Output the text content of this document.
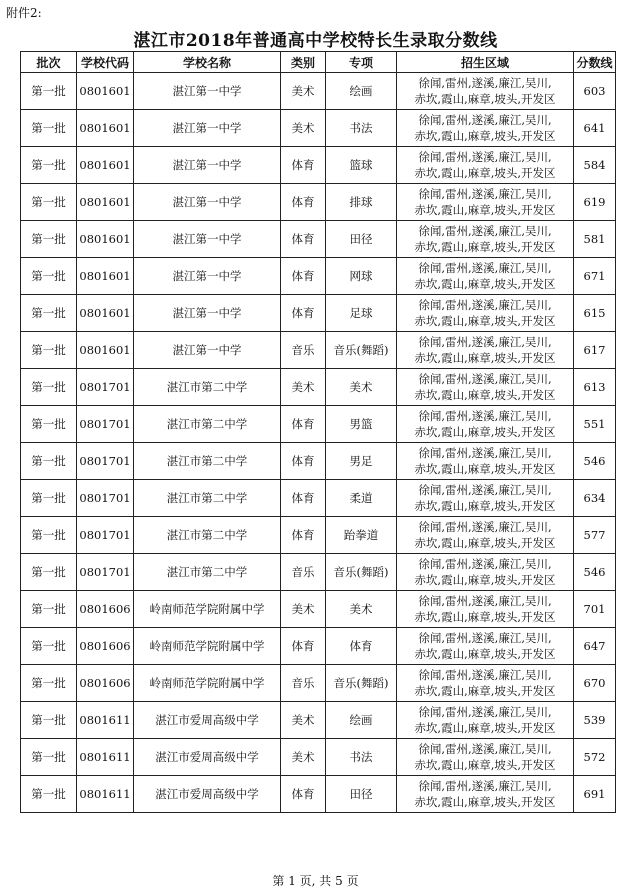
附件2:
湛江市2018年普通高中学校特长生录取分数线
批次	学校代码	学校名称	类别	专项	招生区域	分数线
第一批	0801601	湛江第一中学	美术	绘画	徐闻,雷州,遂溪,廉江,吴川,
赤坎,霞山,麻章,坡头,开发区	603
第一批	0801601	湛江第一中学	美术	书法	徐闻,雷州,遂溪,廉江,吴川,
赤坎,霞山,麻章,坡头,开发区	641
第一批	0801601	湛江第一中学	体育	篮球	徐闻,雷州,遂溪,廉江,吴川,
赤坎,霞山,麻章,坡头,开发区	584
第一批	0801601	湛江第一中学	体育	排球	徐闻,雷州,遂溪,廉江,吴川,
赤坎,霞山,麻章,坡头,开发区	619
第一批	0801601	湛江第一中学	体育	田径	徐闻,雷州,遂溪,廉江,吴川,
赤坎,霞山,麻章,坡头,开发区	581
第一批	0801601	湛江第一中学	体育	网球	徐闻,雷州,遂溪,廉江,吴川,
赤坎,霞山,麻章,坡头,开发区	671
第一批	0801601	湛江第一中学	体育	足球	徐闻,雷州,遂溪,廉江,吴川,
赤坎,霞山,麻章,坡头,开发区	615
第一批	0801601	湛江第一中学	音乐	音乐(舞蹈)	徐闻,雷州,遂溪,廉江,吴川,
赤坎,霞山,麻章,坡头,开发区	617
第一批	0801701	湛江市第二中学	美术	美术	徐闻,雷州,遂溪,廉江,吴川,
赤坎,霞山,麻章,坡头,开发区	613
第一批	0801701	湛江市第二中学	体育	男篮	徐闻,雷州,遂溪,廉江,吴川,
赤坎,霞山,麻章,坡头,开发区	551
第一批	0801701	湛江市第二中学	体育	男足	徐闻,雷州,遂溪,廉江,吴川,
赤坎,霞山,麻章,坡头,开发区	546
第一批	0801701	湛江市第二中学	体育	柔道	徐闻,雷州,遂溪,廉江,吴川,
赤坎,霞山,麻章,坡头,开发区	634
第一批	0801701	湛江市第二中学	体育	跆拳道	徐闻,雷州,遂溪,廉江,吴川,
赤坎,霞山,麻章,坡头,开发区	577
第一批	0801701	湛江市第二中学	音乐	音乐(舞蹈)	徐闻,雷州,遂溪,廉江,吴川,
赤坎,霞山,麻章,坡头,开发区	546
第一批	0801606	岭南师范学院附属中学	美术	美术	徐闻,雷州,遂溪,廉江,吴川,
赤坎,霞山,麻章,坡头,开发区	701
第一批	0801606	岭南师范学院附属中学	体育	体育	徐闻,雷州,遂溪,廉江,吴川,
赤坎,霞山,麻章,坡头,开发区	647
第一批	0801606	岭南师范学院附属中学	音乐	音乐(舞蹈)	徐闻,雷州,遂溪,廉江,吴川,
赤坎,霞山,麻章,坡头,开发区	670
第一批	0801611	湛江市爱周高级中学	美术	绘画	徐闻,雷州,遂溪,廉江,吴川,
赤坎,霞山,麻章,坡头,开发区	539
第一批	0801611	湛江市爱周高级中学	美术	书法	徐闻,雷州,遂溪,廉江,吴川,
赤坎,霞山,麻章,坡头,开发区	572
第一批	0801611	湛江市爱周高级中学	体育	田径	徐闻,雷州,遂溪,廉江,吴川,
赤坎,霞山,麻章,坡头,开发区	691
第 1 页, 共 5 页
